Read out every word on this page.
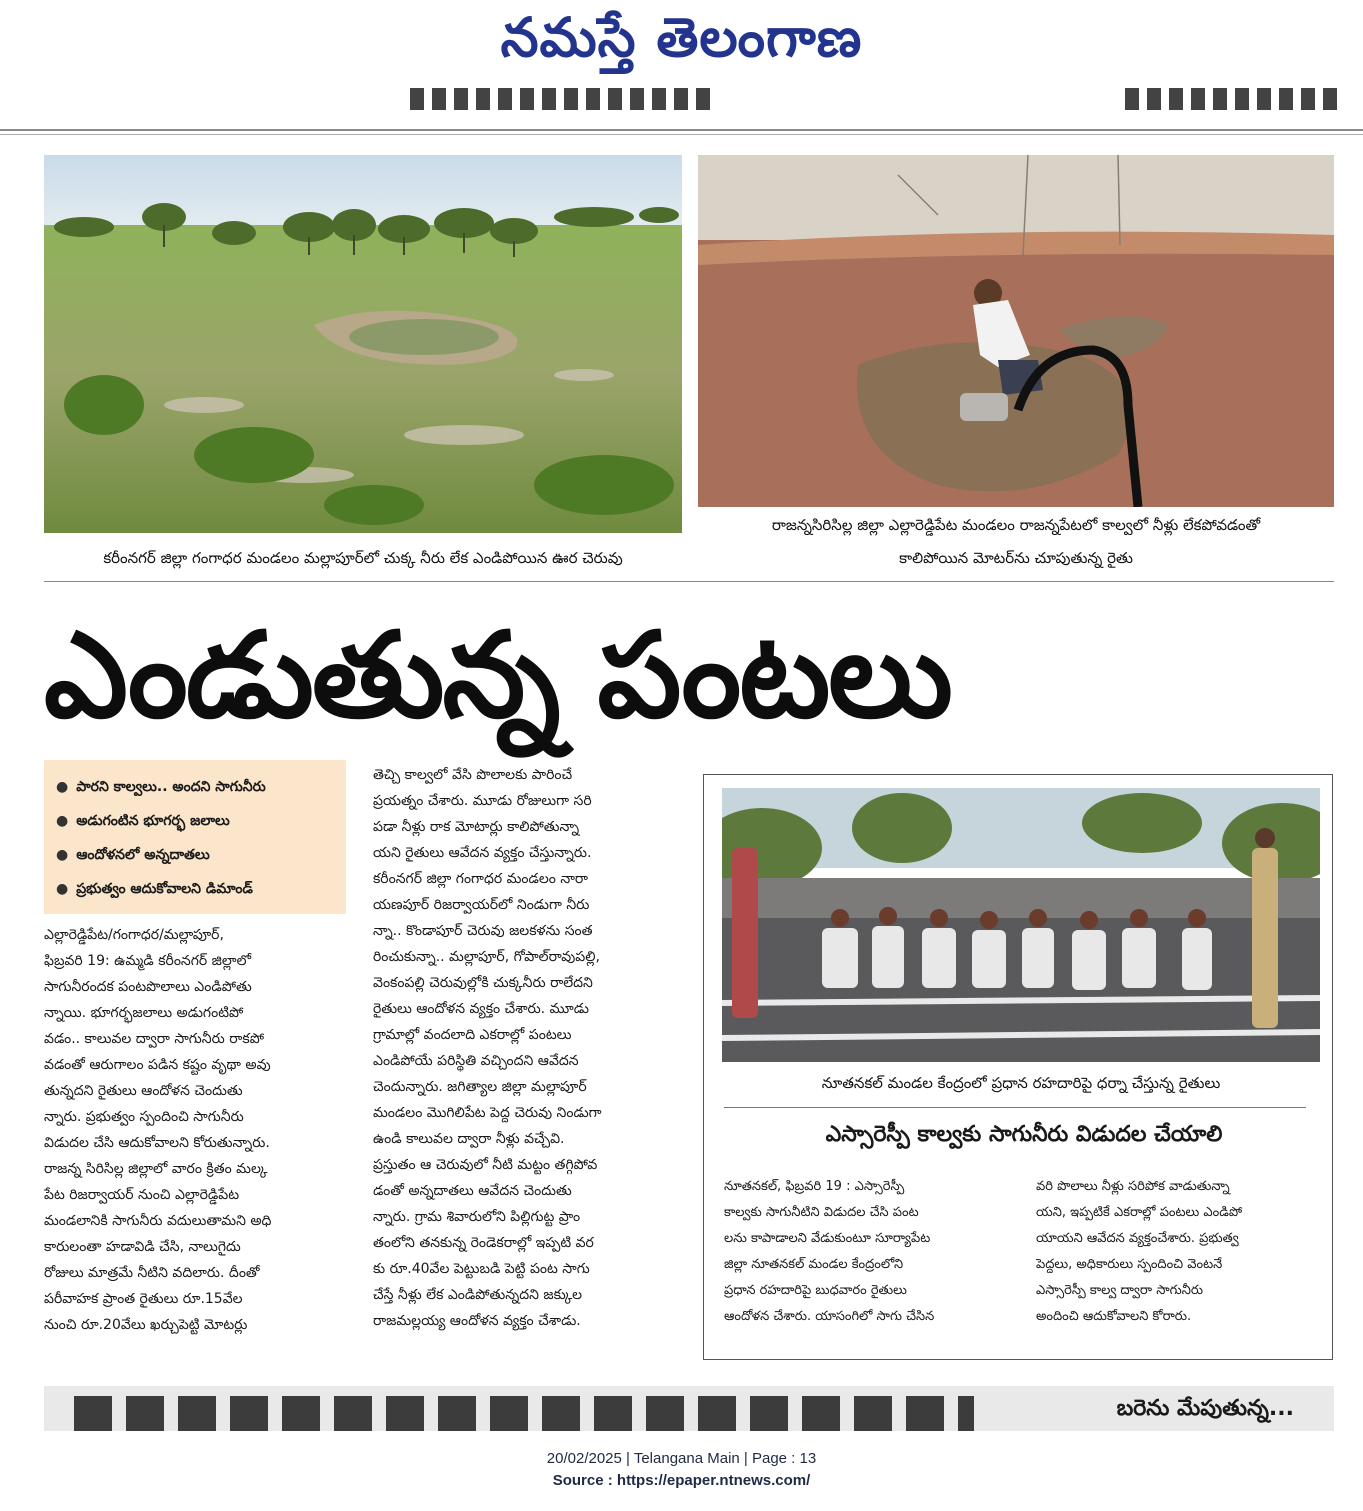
నమస్తే తెలంగాణ
కరీంనగర్ జిల్లా గంగాధర మండలం మల్లాపూర్‌లో చుక్క నీరు లేక ఎండిపోయిన ఊర చెరువు
రాజన్నసిరిసిల్ల జిల్లా ఎల్లారెడ్డిపేట మండలం రాజన్నపేటలో కాల్వలో నీళ్లు లేకపోవడంతో
కాలిపోయిన మోటర్‌ను చూపుతున్న రైతు
ఎండుతున్న పంటలు
● పారని కాల్వలు.. అందని సాగునీరు
● అడుగంటిన భూగర్భ జలాలు
● ఆందోళనలో అన్నదాతలు
● ప్రభుత్వం ఆదుకోవాలని డిమాండ్

ఎల్లారెడ్డిపేట/గంగాధర/మల్లాపూర్,

ఫిబ్రవరి 19: ఉమ్మడి కరీంనగర్ జిల్లాలో

సాగునీరందక పంటపొలాలు ఎండిపోతు

న్నాయి. భూగర్భజలాలు అడుగంటిపో

వడం.. కాలువల ద్వారా సాగునీరు రాకపో

వడంతో ఆరుగాలం పడిన కష్టం వృథా అవు

తున్నదని రైతులు ఆందోళన చెందుతు

న్నారు. ప్రభుత్వం స్పందించి సాగునీరు

విడుదల చేసి ఆదుకోవాలని కోరుతున్నారు.

రాజన్న సిరిసిల్ల జిల్లాలో వారం క్రితం మల్క

పేట రిజర్వాయర్ నుంచి ఎల్లారెడ్డిపేట

మండలానికి సాగునీరు వదులుతామని అధి

కారులంతా హడావిడి చేసి, నాలుగైదు

రోజులు మాత్రమే నీటిని వదిలారు. దీంతో

పరీవాహక ప్రాంత రైతులు రూ.15వేల

నుంచి రూ.20వేలు ఖర్చుపెట్టి మోటర్లు

తెచ్చి కాల్వలో వేసి పొలాలకు పారించే

ప్రయత్నం చేశారు. మూడు రోజులుగా సరి

పడా నీళ్లు రాక మోటార్లు కాలిపోతున్నా

యని రైతులు ఆవేదన వ్యక్తం చేస్తున్నారు.

కరీంనగర్ జిల్లా గంగాధర మండలం నారా

యణపూర్ రిజర్వాయర్‌లో నిండుగా నీరు

న్నా.. కొండాపూర్ చెరువు జలకళను సంత

రించుకున్నా.. మల్లాపూర్, గోపాల్‌రావుపల్లి,

వెంకంపల్లి చెరువుల్లోకి చుక్కనీరు రాలేదని

రైతులు ఆందోళన వ్యక్తం చేశారు. మూడు

గ్రామాల్లో వందలాది ఎకరాల్లో పంటలు

ఎండిపోయే పరిస్థితి వచ్చిందని ఆవేదన

చెందున్నారు. జగిత్యాల జిల్లా మల్లాపూర్

మండలం మొగిలిపేట పెద్ద చెరువు నిండుగా

ఉండి కాలువల ద్వారా నీళ్లు వచ్చేవి.

ప్రస్తుతం ఆ చెరువులో నీటి మట్టం తగ్గిపోవ

డంతో అన్నదాతలు ఆవేదన చెందుతు

న్నారు. గ్రామ శివారులోని పిల్లిగుట్ట ప్రాం

తంలోని తనకున్న రెండెకరాల్లో ఇప్పటి వర

కు రూ.40వేల పెట్టుబడి పెట్టి పంట సాగు

చేస్తే నీళ్లు లేక ఎండిపోతున్నదని జక్కుల

రాజమల్లయ్య ఆందోళన వ్యక్తం చేశాడు.

నూతనకల్ మండల కేంద్రంలో ప్రధాన రహదారిపై ధర్నా చేస్తున్న రైతులు
ఎస్సారెస్పీ కాల్వకు సాగునీరు విడుదల చేయాలి

నూతనకల్, ఫిబ్రవరి 19 : ఎస్సారెస్పీ

కాల్వకు సాగునీటిని విడుదల చేసి పంట

లను కాపాడాలని వేడుకుంటూ సూర్యాపేట

జిల్లా నూతనకల్ మండల కేంద్రంలోని

ప్రధాన రహదారిపై బుధవారం రైతులు

ఆందోళన చేశారు. యాసంగిలో సాగు చేసిన

వరి పొలాలు నీళ్లు సరిపోక వాడుతున్నా

యని, ఇప్పటికే ఎకరాల్లో పంటలు ఎండిపో

యాయని ఆవేదన వ్యక్తంచేశారు. ప్రభుత్వ

పెద్దలు, అధికారులు స్పందించి వెంటనే

ఎస్సారెస్పీ కాల్వ ద్వారా సాగునీరు

అందించి ఆదుకోవాలని కోరారు.

బరెను మేపుతున్న...
20/02/2025 | Telangana Main | Page : 13
Source : https://epaper.ntnews.com/
